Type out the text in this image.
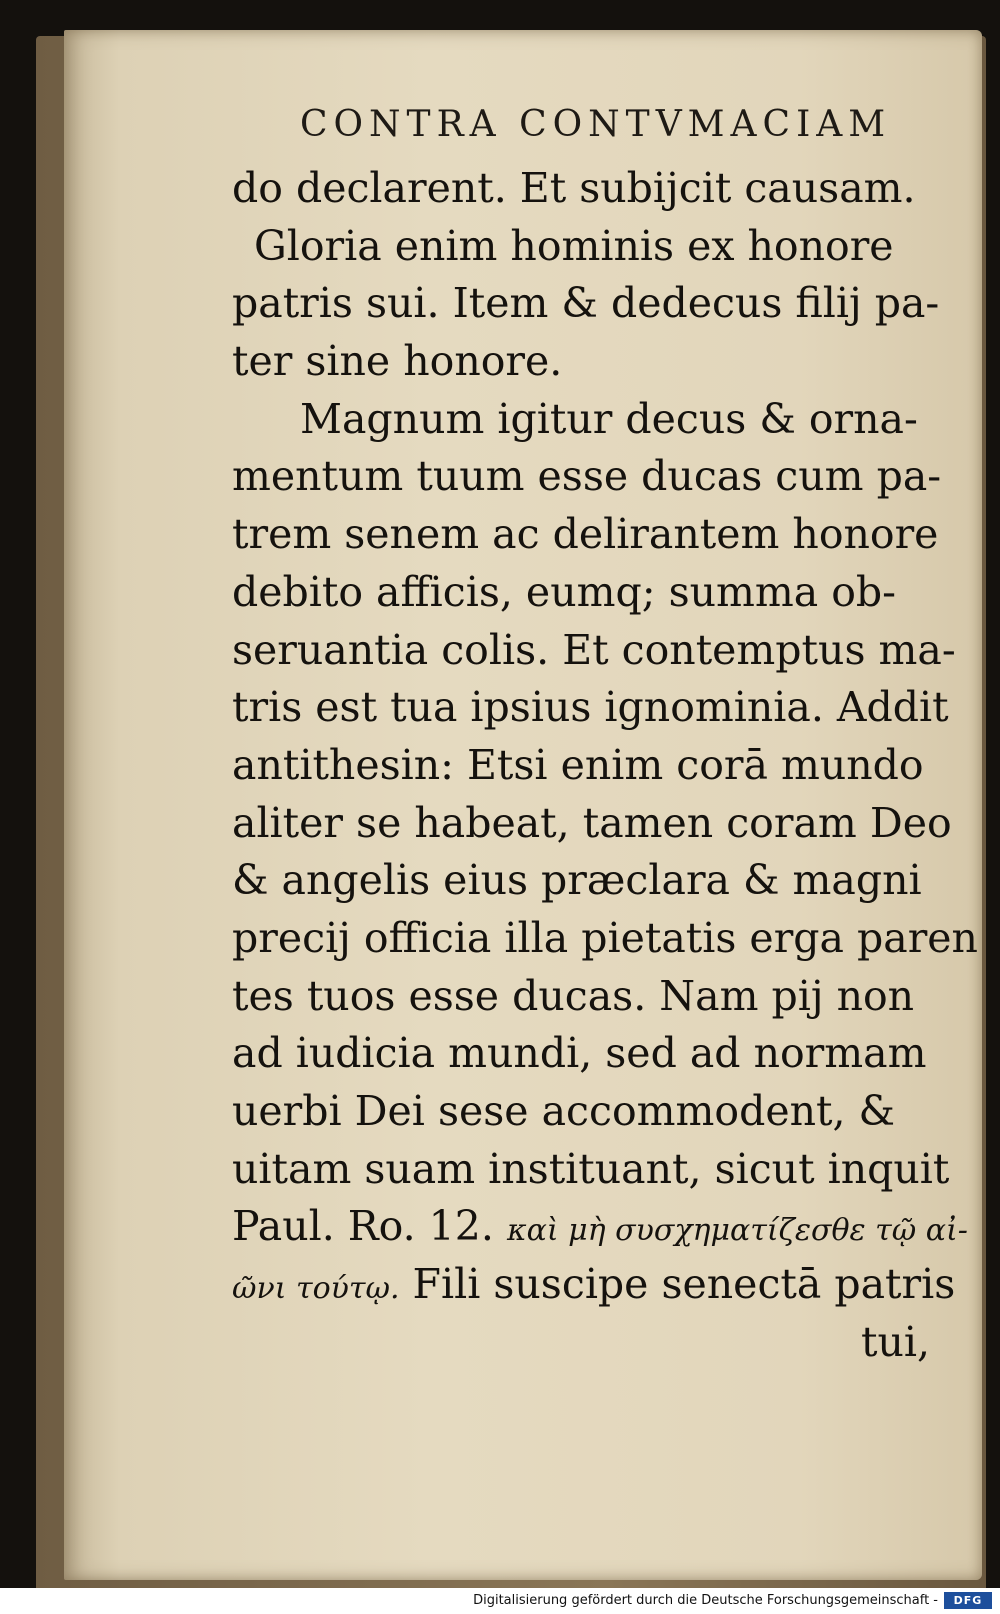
CONTRA CONTVMACIAM
do declarent. Et subijcit causam.
Gloria enim hominis ex honore
patris sui. Item & dedecus filij pa-
ter sine honore.
Magnum igitur decus & orna-
mentum tuum esse ducas cum pa-
trem senem ac delirantem honore
debito afficis, eumq; summa ob-
seruantia colis. Et contemptus ma-
tris est tua ipsius ignominia. Addit
antithesin: Etsi enim corā mundo
aliter se habeat, tamen coram Deo
& angelis eius præclara & magni
precij officia illa pietatis erga paren
tes tuos esse ducas. Nam pij non
ad iudicia mundi, sed ad normam
uerbi Dei sese accommodent, &
uitam suam instituant, sicut inquit
Paul. Ro. 12. καὶ μὴ συσχηματίζεσθε τῷ αἰ-
ῶνι τούτῳ. Fili suscipe senectā patris
tui,
Digitalisierung gefördert durch die Deutsche Forschungsgemeinschaft -	DFG
